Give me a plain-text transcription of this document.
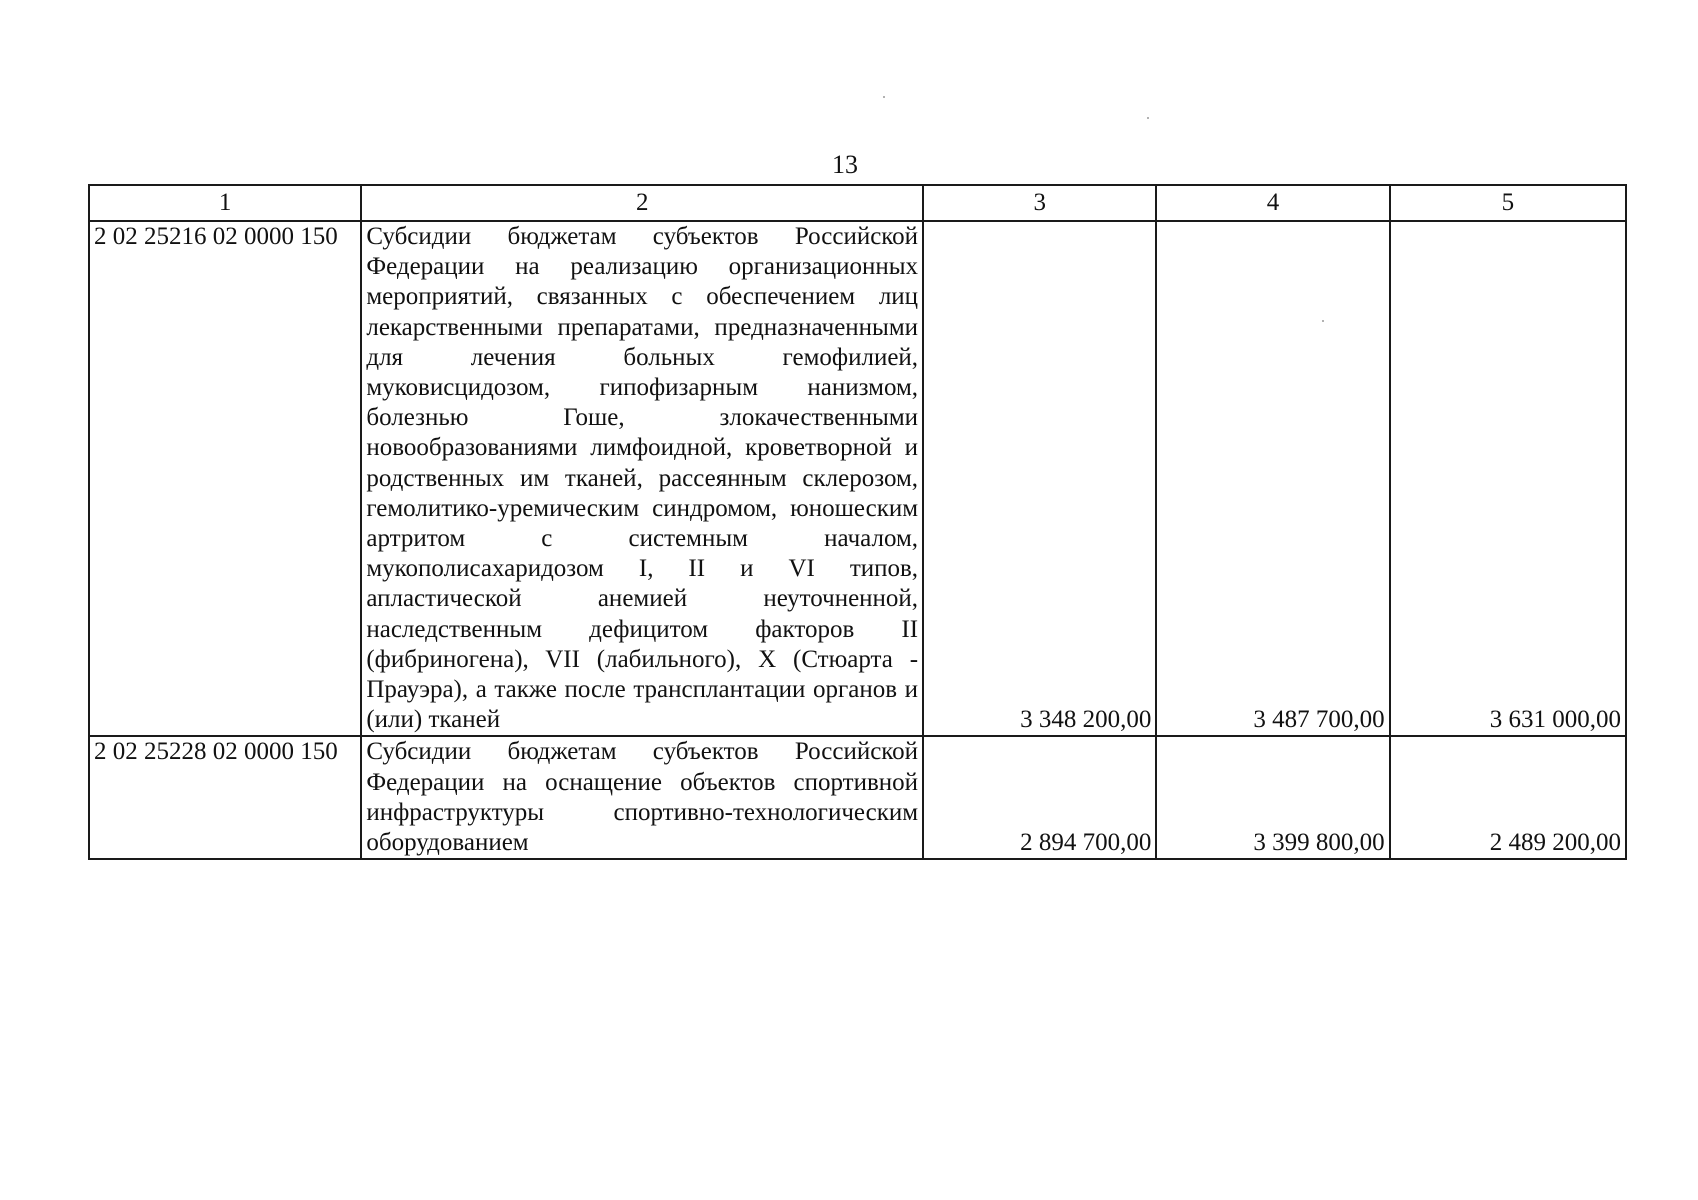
13
1	2	3	4	5
2 02 25216 02 0000 150	Субсидии бюджетам субъектов Российской Федерации на реализацию организационных мероприятий, связанных с обеспечением лиц лекарственными препаратами, предназначенными для лечения больных гемофилией, муковисцидозом, гипофизарным нанизмом, болезнью Гоше, злокачественными новообразованиями лимфоидной, кроветворной и родственных им тканей, рассеянным склерозом, гемолитико-уремическим синдромом, юношеским артритом с системным началом, мукополисахаридозом I, II и VI типов, апластической анемией неуточненной, наследственным дефицитом факторов II (фибриногена), VII (лабильного), X (Стюарта - Прауэра), а также после трансплантации органов и (или) тканей	3 348 200,00	3 487 700,00	3 631 000,00
2 02 25228 02 0000 150	Субсидии бюджетам субъектов Российской Федерации на оснащение объектов спортивной инфраструктуры спортивно-технологическим оборудованием	2 894 700,00	3 399 800,00	2 489 200,00
